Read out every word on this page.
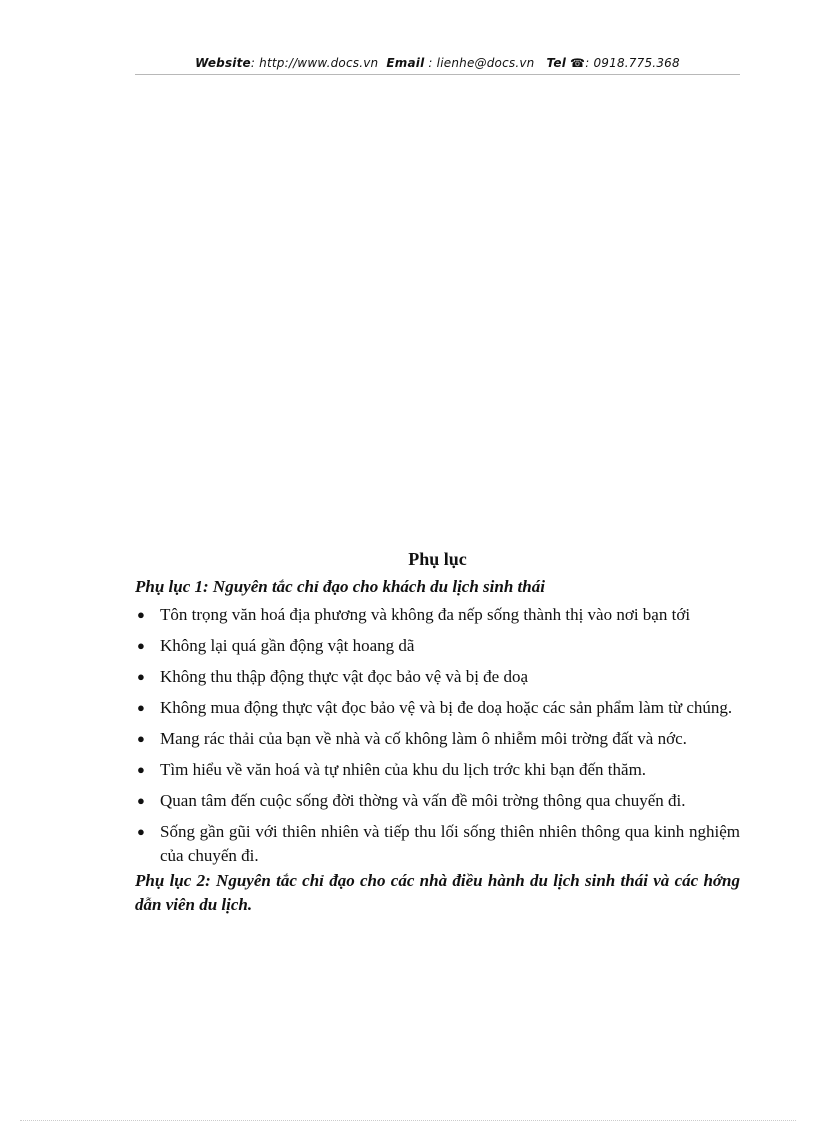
Website: http://www.docs.vn Email : lienhe@docs.vn Tel ☎: 0918.775.368
Phụ lục
Phụ lục 1: Nguyên tắc chỉ đạo cho khách du lịch sinh thái
● Tôn trọng văn hoá địa phương và không đa nếp sống thành thị vào nơi bạn tới
● Không lại quá gần động vật hoang dã
● Không thu thập động thực vật đọc bảo vệ và bị đe doạ
● Không mua động thực vật đọc bảo vệ và bị đe doạ hoặc các sản phẩm làm từ chúng.
● Mang rác thải của bạn về nhà và cố không làm ô nhiễm môi trờng đất và nớc.
● Tìm hiểu về văn hoá và tự nhiên của khu du lịch trớc khi bạn đến thăm.
● Quan tâm đến cuộc sống đời thờng và vấn đề môi trờng thông qua chuyến đi.
● Sống gần gũi với thiên nhiên và tiếp thu lối sống thiên nhiên thông qua kinh nghiệm của chuyến đi.
Phụ lục 2: Nguyên tắc chỉ đạo cho các nhà điều hành du lịch sinh thái và các hớng dẫn viên du lịch.
